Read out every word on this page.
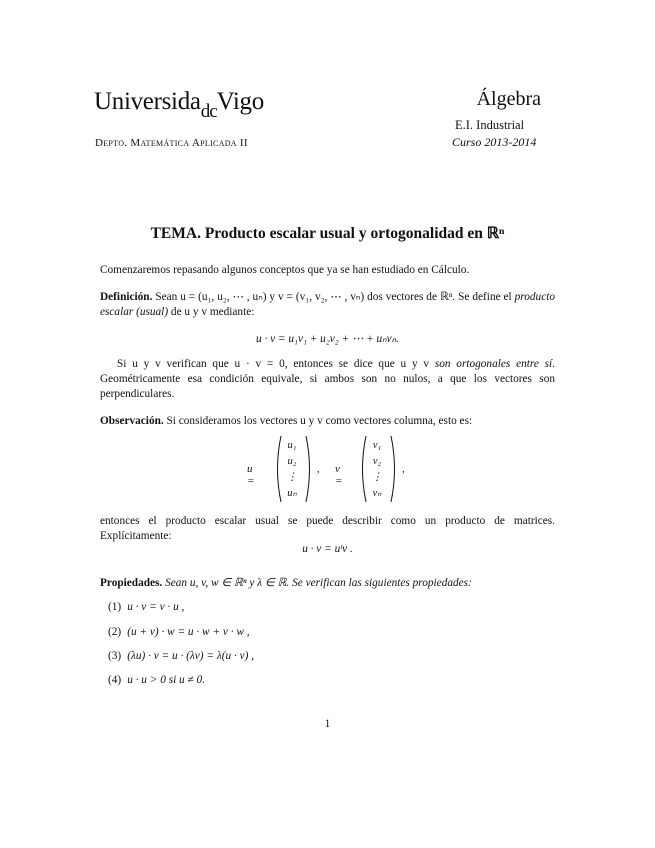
Universida$_{dc}$Vigo
Depto. Matemática Aplicada II
Álgebra
E.I. Industrial
Curso 2013-2014
TEMA. Producto escalar usual y ortogonalidad en ℝⁿ
Comenzaremos repasando algunos conceptos que ya se han estudiado en Cálculo.
Definición. Sean u = (u₁, u₂, ⋯ , uₙ) y v = (v₁, v₂, ⋯ , vₙ) dos vectores de ℝⁿ. Se define el producto escalar (usual) de u y v mediante:
u · v = u₁v₁ + u₂v₂ + ⋯ + uₙvₙ.
Si u y v verifican que u · v = 0, entonces se dice que u y v son ortogonales entre sí. Geométricamente esa condición equivale, si ambos son no nulos, a que los vectores son perpendiculares.
Observación. Si consideramos los vectores u y v como vectores columna, esto es:
u =
u₁
u₂
⋮
uₙ
, v =
v₁
v₂
⋮
vₙ
,
entonces el producto escalar usual se puede describir como un producto de matrices. Explícitamente:
u · v = uᵗv .
Propiedades. Sean u, v, w ∈ ℝⁿ y λ ∈ ℝ. Se verifican las siguientes propiedades:
(1) u · v = v · u ,
(2) (u + v) · w = u · w + v · w ,
(3) (λu) · v = u · (λv) = λ(u · v) ,
(4) u · u > 0 si u ≠ 0.
1
